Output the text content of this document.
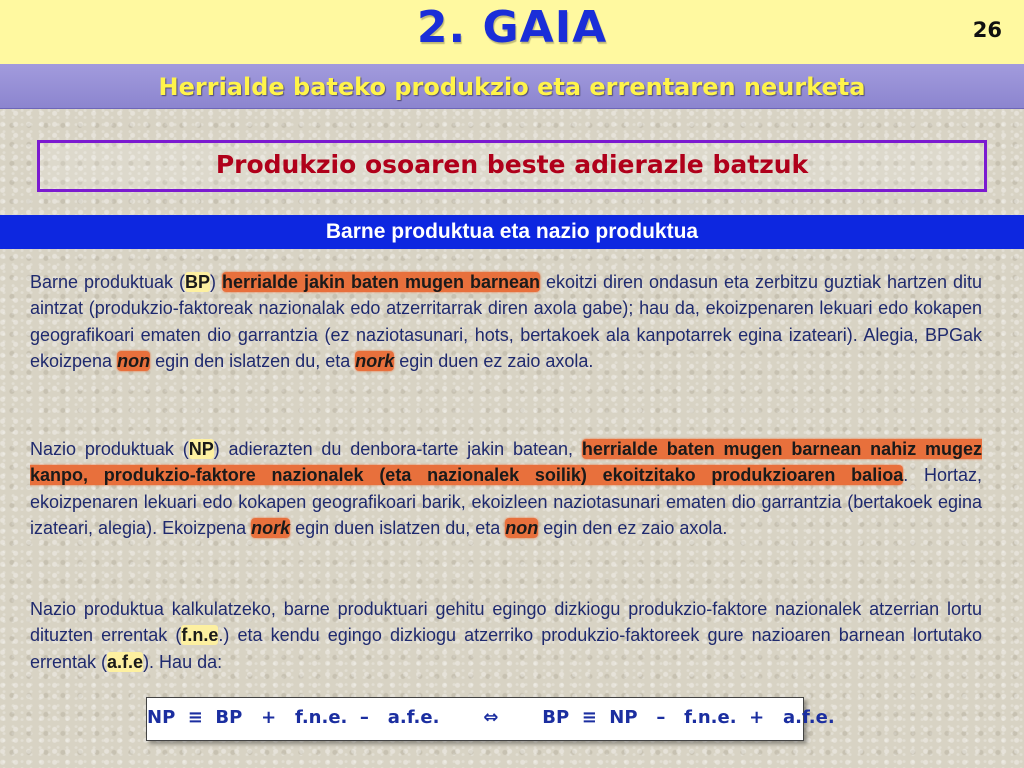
2. GAIA	26
Herrialde bateko produkzio eta errentaren neurketa
Produkzio osoaren beste adierazle batzuk
Barne produktua eta nazio produktua

Barne produktuak (BP) herrialde jakin baten mugen barnean ekoitzi diren ondasun eta zerbitzu guztiak hartzen ditu aintzat (produkzio-faktoreak nazionalak edo atzerritarrak diren axola gabe); hau da, ekoizpenaren lekuari edo kokapen geografikoari ematen dio garrantzia (ez naziotasunari, hots, bertakoek ala kanpotarrek egina izateari). Alegia, BPGak ekoizpena non egin den islatzen du, eta nork egin duen ez zaio axola.

Nazio produktuak (NP) adierazten du denbora-tarte jakin batean, herrialde baten mugen barnean nahiz mugez kanpo, produkzio-faktore nazionalek (eta nazionalek soilik) ekoitzitako produkzioaren balioa. Hortaz, ekoizpenaren lekuari edo kokapen geografikoari barik, ekoizleen naziotasunari ematen dio garrantzia (bertakoek egina izateari, alegia). Ekoizpena nork egin duen islatzen du, eta non egin den ez zaio axola.

Nazio produktua kalkulatzeko, barne produktuari gehitu egingo dizkiogu produkzio-faktore nazionalek atzerrian lortu dituzten errentak (f.n.e.) eta kendu egingo dizkiogu atzerriko produkzio-faktoreek gure nazioaren barnean lortutako errentak (a.f.e). Hau da:

NP  ≡  BP   +   f.n.e.  –   a.f.e.       ⇔       BP  ≡  NP   –   f.n.e.  +   a.f.e.
